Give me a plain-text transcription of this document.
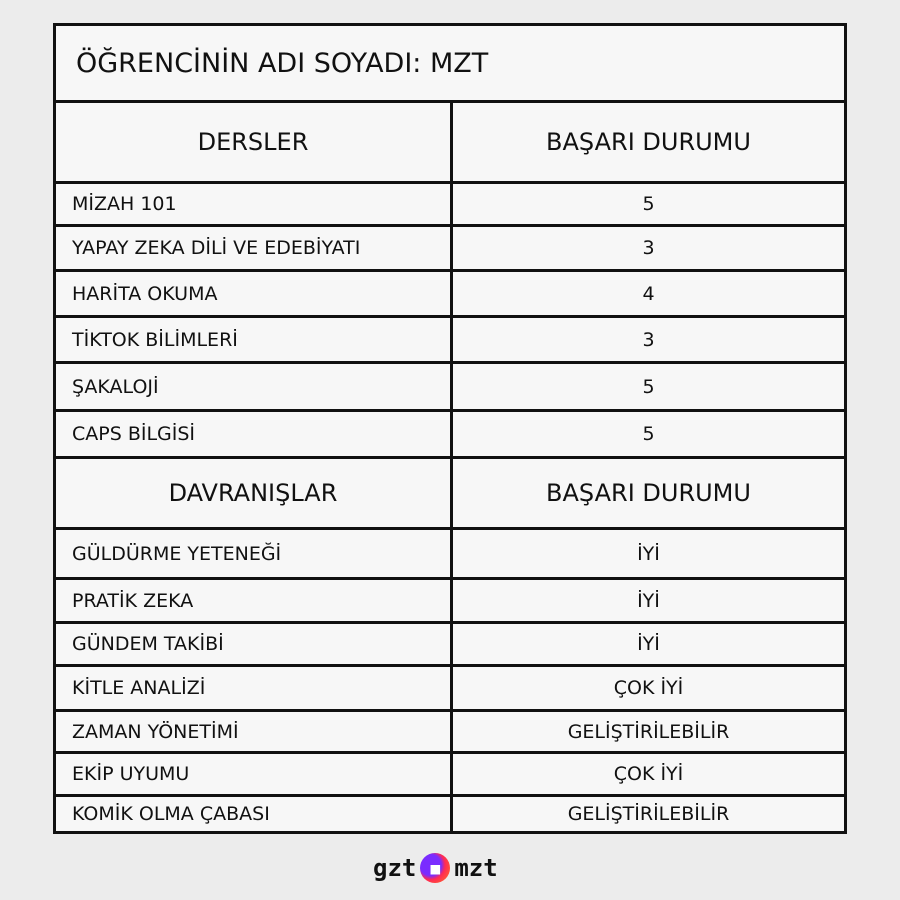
ÖĞRENCİNİN ADI SOYADI: MZT
DERSLER	BAŞARI DURUMU
MİZAH 101	5
YAPAY ZEKA DİLİ VE EDEBİYATI	3
HARİTA OKUMA	4
TİKTOK BİLİMLERİ	3
ŞAKALOJİ	5
CAPS BİLGİSİ	5
DAVRANIŞLAR	BAŞARI DURUMU
GÜLDÜRME YETENEĞİ	İYİ
PRATİK ZEKA	İYİ
GÜNDEM TAKİBİ	İYİ
KİTLE ANALİZİ	ÇOK İYİ
ZAMAN YÖNETİMİ	GELİŞTİRİLEBİLİR
EKİP UYUMU	ÇOK İYİ
KOMİK OLMA ÇABASI	GELİŞTİRİLEBİLİR
gzt ■ mzt
